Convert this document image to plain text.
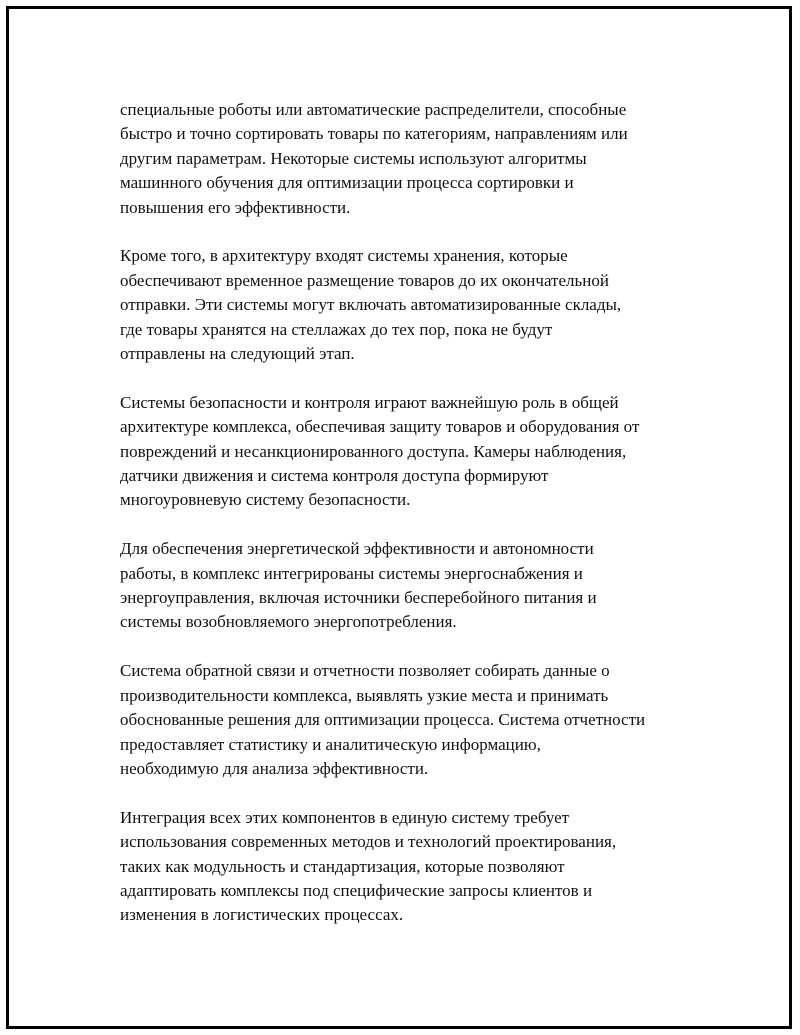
специальные роботы или автоматические распределители, способные
быстро и точно сортировать товары по категориям, направлениям или
другим параметрам. Некоторые системы используют алгоритмы
машинного обучения для оптимизации процесса сортировки и
повышения его эффективности.

Кроме того, в архитектуру входят системы хранения, которые
обеспечивают временное размещение товаров до их окончательной
отправки. Эти системы могут включать автоматизированные склады,
где товары хранятся на стеллажах до тех пор, пока не будут
отправлены на следующий этап.

Системы безопасности и контроля играют важнейшую роль в общей
архитектуре комплекса, обеспечивая защиту товаров и оборудования от
повреждений и несанкционированного доступа. Камеры наблюдения,
датчики движения и система контроля доступа формируют
многоуровневую систему безопасности.

Для обеспечения энергетической эффективности и автономности
работы, в комплекс интегрированы системы энергоснабжения и
энергоуправления, включая источники бесперебойного питания и
системы возобновляемого энергопотребления.

Система обратной связи и отчетности позволяет собирать данные о
производительности комплекса, выявлять узкие места и принимать
обоснованные решения для оптимизации процесса. Система отчетности
предоставляет статистику и аналитическую информацию,
необходимую для анализа эффективности.

Интеграция всех этих компонентов в единую систему требует
использования современных методов и технологий проектирования,
таких как модульность и стандартизация, которые позволяют
адаптировать комплексы под специфические запросы клиентов и
изменения в логистических процессах.
